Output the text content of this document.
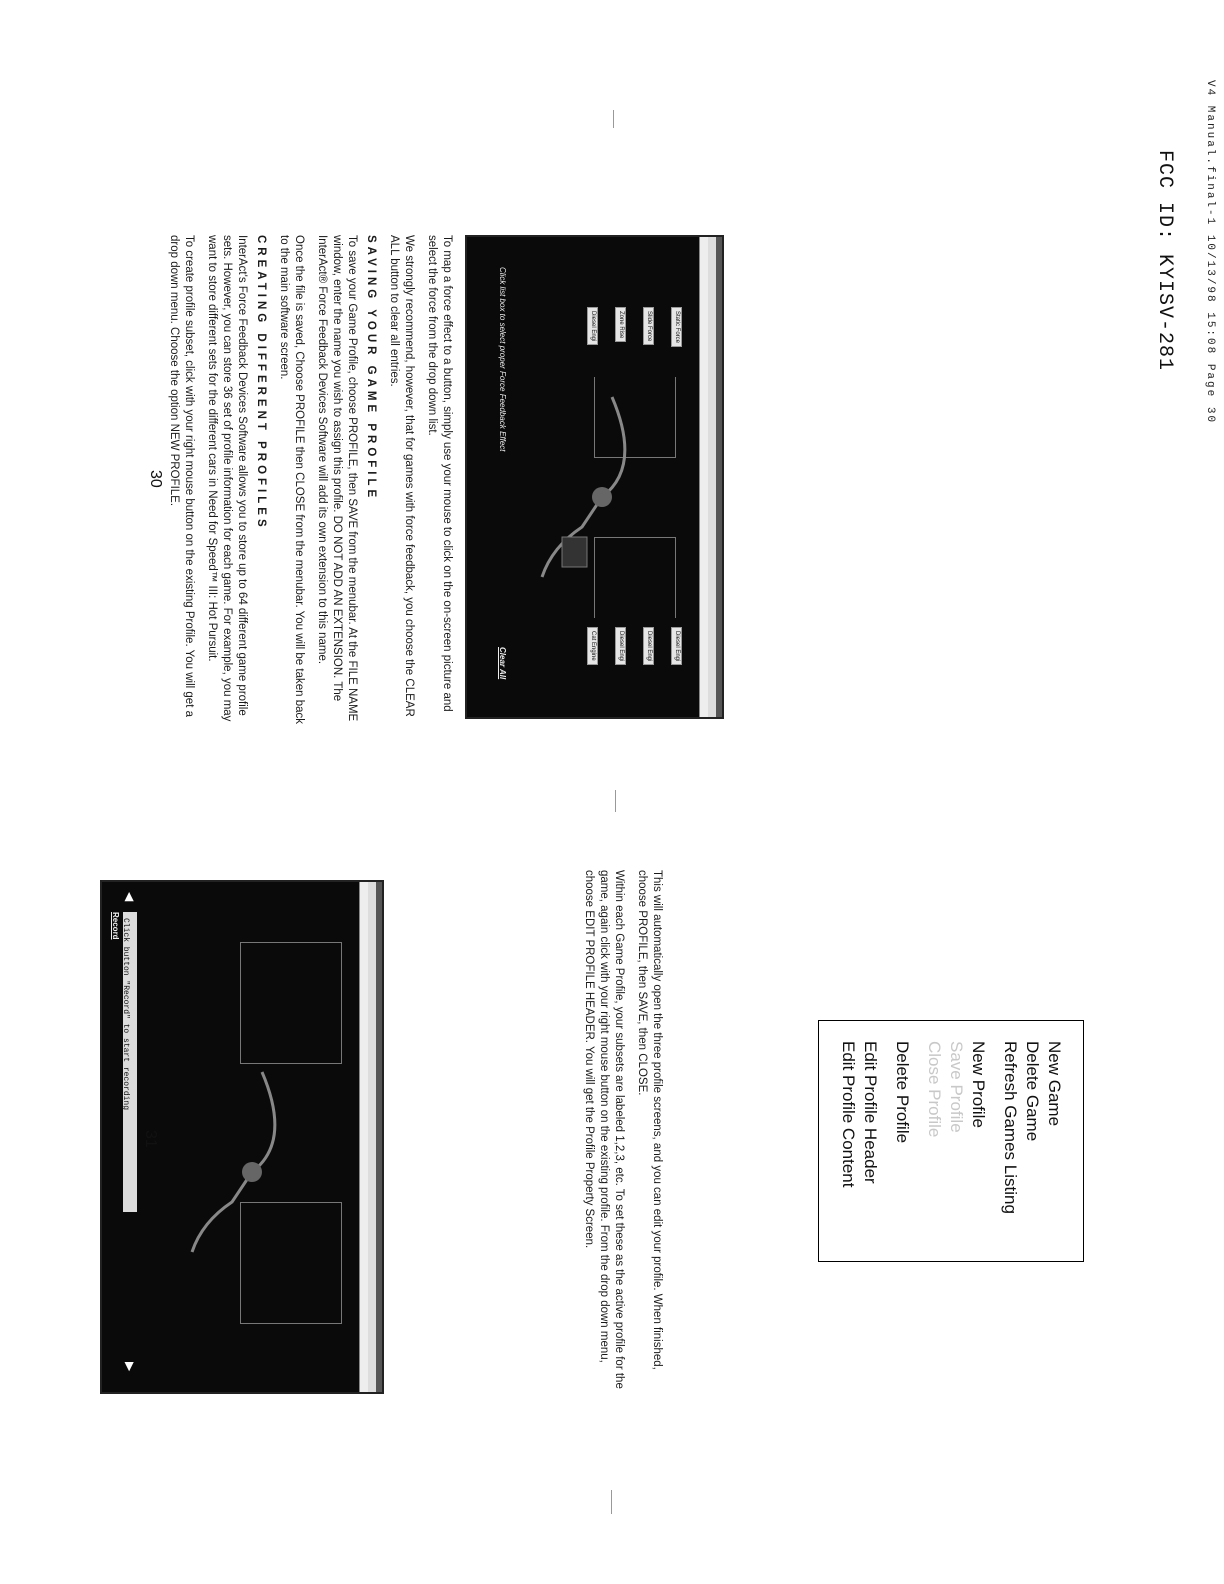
V4 Manual.final-1 10/13/98 15:08 Page 30
FCC ID: KYISV-281
Static Force
Slide Force
Zone Rise
Diesel Engi
Diesel Engi
Diesel Engi
Diesel Engi
Cat Engine
Click list box to select proper Force Feedback Effect
Clear All

To map a force effect to a button, simply use your mouse to click on the on-screen picture and select the force from the drop down list.

We strongly recommend, however, that for games with force feedback, you choose the CLEAR ALL button to clear all entries.

SAVING YOUR GAME PROFILE

To save your Game Profile, choose PROFILE, then SAVE from the menubar. At the FILE NAME window, enter the name you wish to assign this profile. DO NOT ADD AN EXTENSION. The InterAct® Force Feedback Devices Software will add its own extension to this name.

Once the file is saved, Choose PROFILE then CLOSE from the menubar. You will be taken back to the main software screen.

CREATING DIFFERENT PROFILES

InterAct's Force Feedback Devices Software allows you to store up to 64 different game profile sets. However, you can store 36 set of profile information for each game. For example, you may want to store different sets for the different cars in Need for Speed™ III: Hot Pursuit.

To create profile subset, click with your right mouse button on the existing Profile. You will get a drop down menu. Choose the option NEW PROFILE.

30
New Game
Delete Game
Refresh Games Listing
New Profile
Save Profile
Close Profile
Delete Profile
Edit Profile Header
Edit Profile Content

This will automatically open the three profile screens, and you can edit your profile. When finished, choose PROFILE, then SAVE, then CLOSE.

Within each Game Profile, your subsets are labeled 1,2,3, etc. To set these as the active profile for the game, again click with your right mouse button on the existing profile. From the drop down menu, choose EDIT PROFILE HEADER. You will get the Profile Property Screen.

Click button "Record" to start recording
Record
◀
▶
31
